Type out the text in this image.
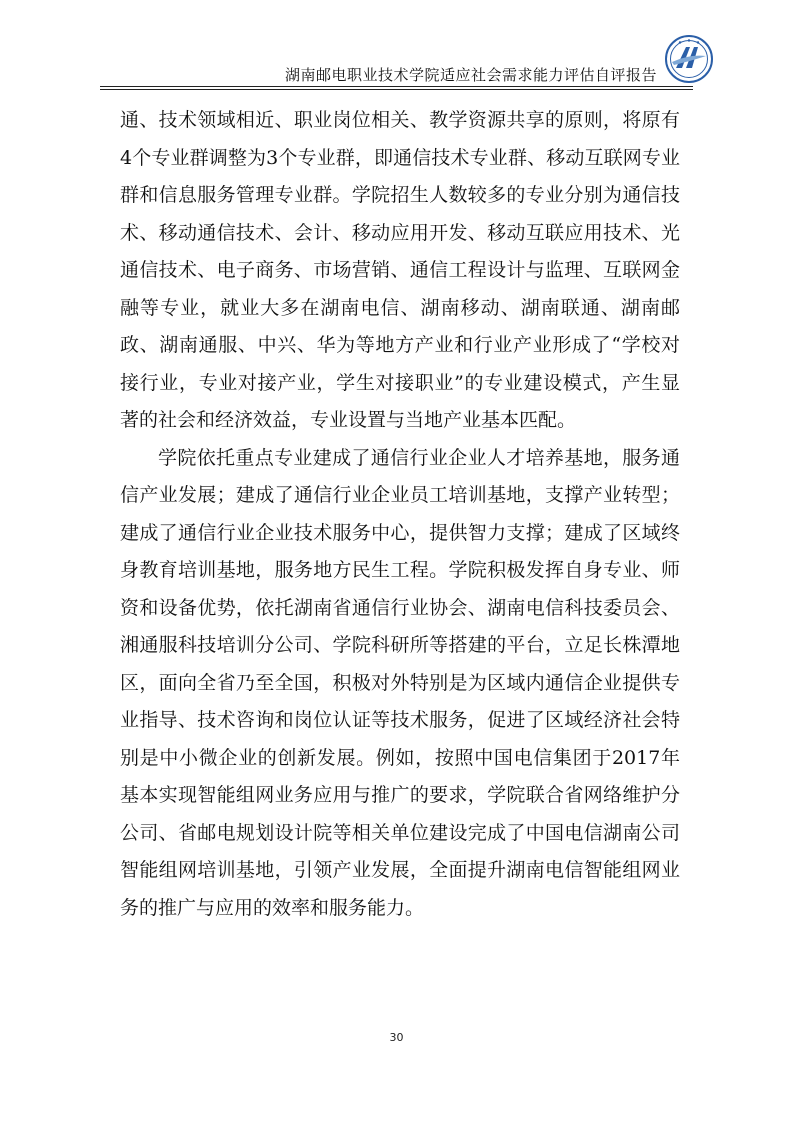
湖南邮电职业技术学院适应社会需求能力评估自评报告

通、技术领域相近、职业岗位相关、教学资源共享的原则，将原有4个专业群调整为3个专业群，即通信技术专业群、移动互联网专业群和信息服务管理专业群。学院招生人数较多的专业分别为通信技术、移动通信技术、会计、移动应用开发、移动互联应用技术、光通信技术、电子商务、市场营销、通信工程设计与监理、互联网金融等专业，就业大多在湖南电信、湖南移动、湖南联通、湖南邮政、湖南通服、中兴、华为等地方产业和行业产业形成了“学校对接行业，专业对接产业，学生对接职业”的专业建设模式，产生显著的社会和经济效益，专业设置与当地产业基本匹配。

学院依托重点专业建成了通信行业企业人才培养基地，服务通信产业发展；建成了通信行业企业员工培训基地，支撑产业转型；建成了通信行业企业技术服务中心，提供智力支撑；建成了区域终身教育培训基地，服务地方民生工程。学院积极发挥自身专业、师资和设备优势，依托湖南省通信行业协会、湖南电信科技委员会、湘通服科技培训分公司、学院科研所等搭建的平台，立足长株潭地区，面向全省乃至全国，积极对外特别是为区域内通信企业提供专业指导、技术咨询和岗位认证等技术服务，促进了区域经济社会特别是中小微企业的创新发展。例如，按照中国电信集团于2017年基本实现智能组网业务应用与推广的要求，学院联合省网络维护分公司、省邮电规划设计院等相关单位建设完成了中国电信湖南公司智能组网培训基地，引领产业发展，全面提升湖南电信智能组网业务的推广与应用的效率和服务能力。

30
